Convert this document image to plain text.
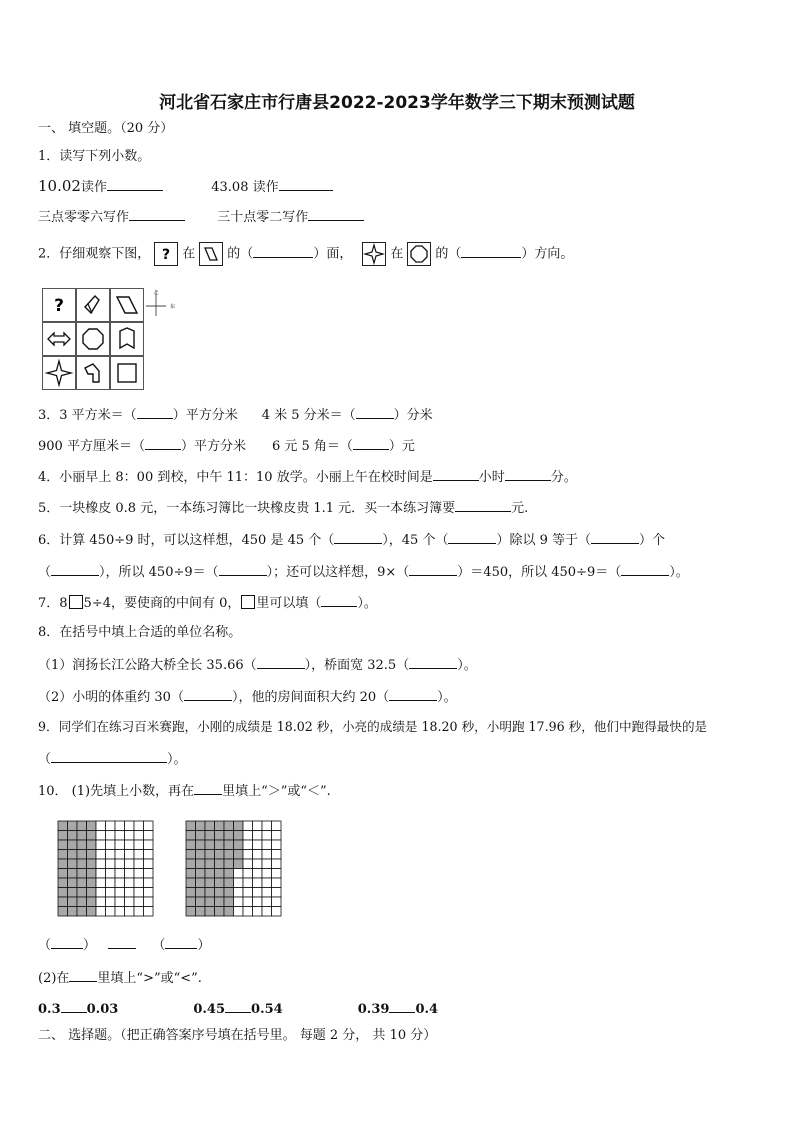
河北省石家庄市行唐县2022-2023学年数学三下期末预测试题
一、 填空题。（20 分）
1．读写下列小数。
10.02读作	43.08 读作
三点零零六写作	三十点零二写作
2．仔细观察下图， ? 在 的（	）面，	在 的（	）方向。
?
北
东
3．3 平方米＝（	）平方分米 4 米 5 分米＝（	）分米
900 平方厘米＝（	）平方分米 6 元 5 角＝（	）元
4．小丽早上 8：00 到校，中午 11：10 放学。小丽上午在校时间是	小时	分。
5．一块橡皮 0.8 元，一本练习簿比一块橡皮贵 1.1 元．买一本练习簿要	元.
6．计算 450÷9 时，可以这样想，450 是 45 个（	），45 个（	）除以 9 等于（	）个
（	），所以 450÷9＝（	）；还可以这样想，9×（	）＝450，所以 450÷9＝（	）。
7．8 5÷4，要使商的中间有 0， 里可以填（	）。
8．在括号中填上合适的单位名称。
（1）润扬长江公路大桥全长 35.66（	），桥面宽 32.5（	）。
（2）小明的体重约 30（	），他的房间面积大约 20（	）。
9．同学们在练习百米赛跑，小刚的成绩是 18.02 秒，小亮的成绩是 18.20 秒，小明跑 17.96 秒，他们中跑得最快的是
（	）。
10． (1)先填上小数，再在 里填上“＞”或“＜”.
（ ）	（ ）
(2)在 里填上“>”或“<”.
0.3 0.03	0.45 0.54	0.39 0.4
二、 选择题。（把正确答案序号填在括号里。 每题 2 分， 共 10 分）
